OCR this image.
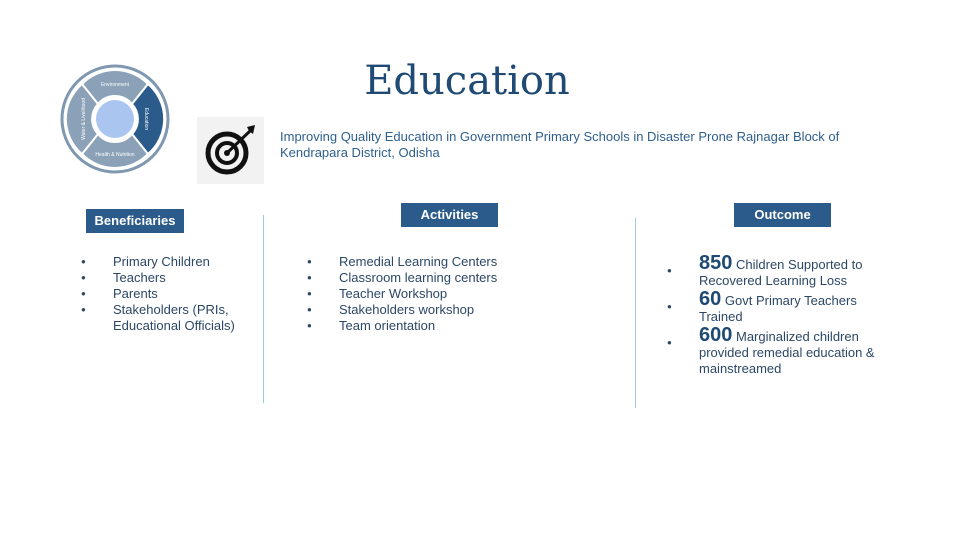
Environment
Education
Health & Nutrition
Water & Livelihood
Education
Improving Quality Education in Government Primary Schools in Disaster Prone Rajnagar Block of Kendrapara District, Odisha
Beneficiaries	Activities	Outcome
● Primary Children
● Teachers
● Parents
● Stakeholders (PRIs, Educational Officials)
● Remedial Learning Centers
● Classroom learning centers
● Teacher Workshop
● Stakeholders workshop
● Team orientation
● 850 Children Supported to Recovered Learning Loss
● 60 Govt Primary Teachers Trained
● 600 Marginalized children provided remedial education & mainstreamed
